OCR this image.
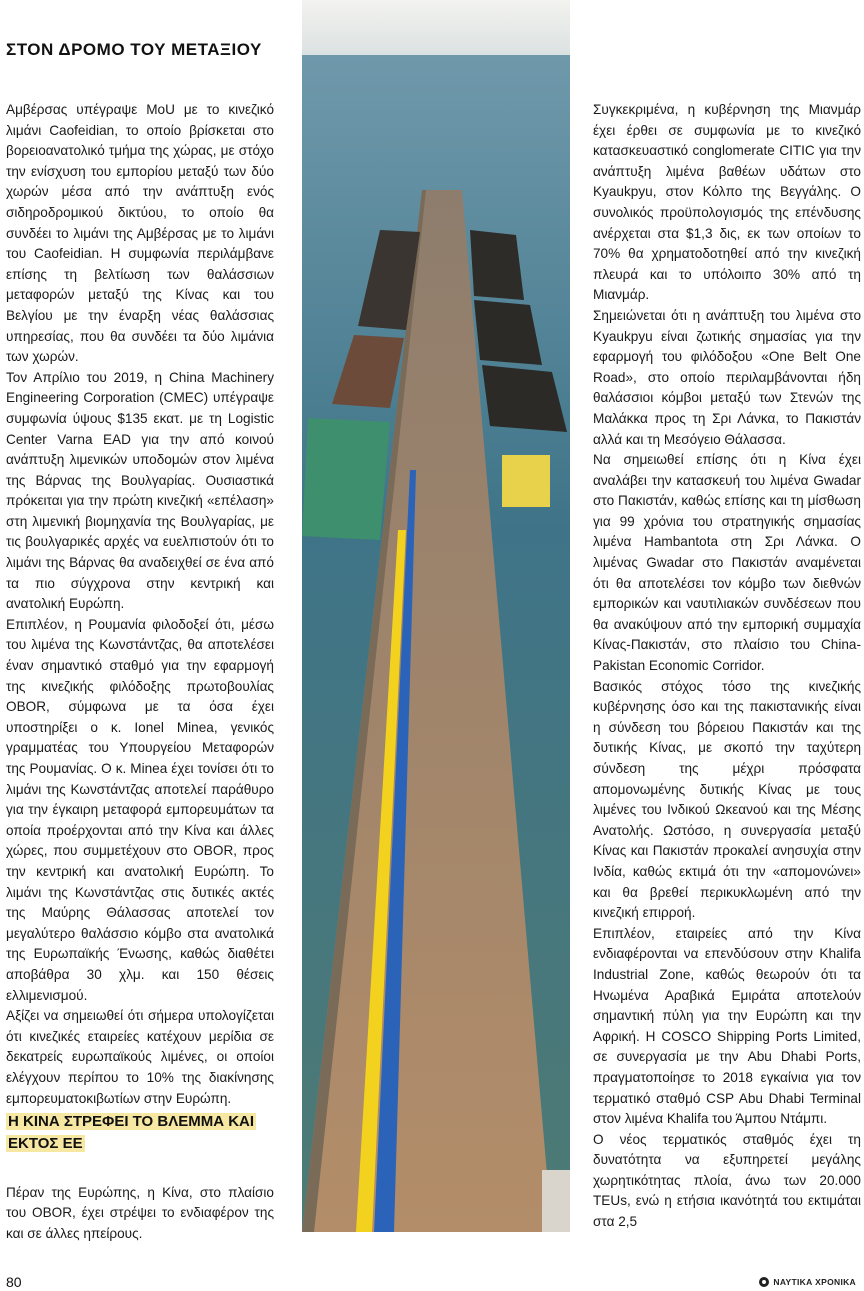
ΣΤΟΝ ΔΡΟΜΟ ΤΟΥ ΜΕΤΑΞΙΟΥ

Αμβέρσας υπέγραψε MoU με το κινεζικό λιμάνι Caofeidian, το οποίο βρίσκεται στο βορειοανατολικό τμήμα της χώρας, με στόχο την ενίσχυση του εμπορίου μεταξύ των δύο χωρών μέσα από την ανάπτυξη ενός σιδηροδρομικού δικτύου, το οποίο θα συνδέει το λιμάνι της Αμβέρσας με το λιμάνι του Caofeidian. Η συμφωνία περιλάμβανε επίσης τη βελτίωση των θαλάσσιων μεταφορών μεταξύ της Κίνας και του Βελγίου με την έναρξη νέας θαλάσσιας υπηρεσίας, που θα συνδέει τα δύο λιμάνια των χωρών.

Τον Απρίλιο του 2019, η China Machinery Engineering Corporation (CMEC) υπέγραψε συμφωνία ύψους $135 εκατ. με τη Logistic Center Varna EAD για την από κοινού ανάπτυξη λιμενικών υποδομών στον λιμένα της Βάρνας της Βουλγαρίας. Ουσιαστικά πρόκειται για την πρώτη κινεζική «επέλαση» στη λιμενική βιομηχανία της Βουλγαρίας, με τις βουλγαρικές αρχές να ευελπιστούν ότι το λιμάνι της Βάρνας θα αναδειχθεί σε ένα από τα πιο σύγχρονα στην κεντρική και ανατολική Ευρώπη.

Επιπλέον, η Ρουμανία φιλοδοξεί ότι, μέσω του λιμένα της Κωνστάντζας, θα αποτελέσει έναν σημαντικό σταθμό για την εφαρμογή της κινεζικής φιλόδοξης πρωτοβουλίας OBOR, σύμφωνα με τα όσα έχει υποστηρίξει ο κ. Ionel Minea, γενικός γραμματέας του Υπουργείου Μεταφορών της Ρουμανίας. Ο κ. Minea έχει τονίσει ότι το λιμάνι της Κωνστάντζας αποτελεί παράθυρο για την έγκαιρη μεταφορά εμπορευμάτων τα οποία προέρχονται από την Κίνα και άλλες χώρες, που συμμετέχουν στο OBOR, προς την κεντρική και ανατολική Ευρώπη. Το λιμάνι της Κωνστάντζας στις δυτικές ακτές της Μαύρης Θάλασσας αποτελεί τον μεγαλύτερο θαλάσσιο κόμβο στα ανατολικά της Ευρωπαϊκής Ένωσης, καθώς διαθέτει αποβάθρα 30 χλμ. και 150 θέσεις ελλιμενισμού.

Αξίζει να σημειωθεί ότι σήμερα υπολογίζεται ότι κινεζικές εταιρείες κατέχουν μερίδια σε δεκατρείς ευρωπαϊκούς λιμένες, οι οποίοι ελέγχουν περίπου το 10% της διακίνησης εμπορευματοκιβωτίων στην Ευρώπη.

Η ΚΙΝΑ ΣΤΡΕΦΕΙ ΤΟ ΒΛΕΜΜΑ ΚΑΙ ΕΚΤΟΣ ΕΕ

Πέραν της Ευρώπης, η Κίνα, στο πλαίσιο του OBOR, έχει στρέψει το ενδιαφέρον της και σε άλλες ηπείρους.

Συγκεκριμένα, η κυβέρνηση της Μιανμάρ έχει έρθει σε συμφωνία με το κινεζικό κατασκευαστικό conglomerate CITIC για την ανάπτυξη λιμένα βαθέων υδάτων στο Kyaukpyu, στον Κόλπο της Βεγγάλης. Ο συνολικός προϋπολογισμός της επένδυσης ανέρχεται στα $1,3 δις, εκ των οποίων το 70% θα χρηματοδοτηθεί από την κινεζική πλευρά και το υπόλοιπο 30% από τη Μιανμάρ.

Σημειώνεται ότι η ανάπτυξη του λιμένα στο Kyaukpyu είναι ζωτικής σημασίας για την εφαρμογή του φιλόδοξου «One Belt One Road», στο οποίο περιλαμβάνονται ήδη θαλάσσιοι κόμβοι μεταξύ των Στενών της Μαλάκκα προς τη Σρι Λάνκα, το Πακιστάν αλλά και τη Μεσόγειο Θάλασσα.

Να σημειωθεί επίσης ότι η Κίνα έχει αναλάβει την κατασκευή του λιμένα Gwadar στο Πακιστάν, καθώς επίσης και τη μίσθωση για 99 χρόνια του στρατηγικής σημασίας λιμένα Hambantota στη Σρι Λάνκα. Ο λιμένας Gwadar στο Πακιστάν αναμένεται ότι θα αποτελέσει τον κόμβο των διεθνών εμπορικών και ναυτιλιακών συνδέσεων που θα ανακύψουν από την εμπορική συμμαχία Κίνας-Πακιστάν, στο πλαίσιο του China-Pakistan Economic Corridor.

Βασικός στόχος τόσο της κινεζικής κυβέρνησης όσο και της πακιστανικής είναι η σύνδεση του βόρειου Πακιστάν και της δυτικής Κίνας, με σκοπό την ταχύτερη σύνδεση της μέχρι πρόσφατα απομονωμένης δυτικής Κίνας με τους λιμένες του Ινδικού Ωκεανού και της Μέσης Ανατολής. Ωστόσο, η συνεργασία μεταξύ Κίνας και Πακιστάν προκαλεί ανησυχία στην Ινδία, καθώς εκτιμά ότι την «απομονώνει» και θα βρεθεί περικυκλωμένη από την κινεζική επιρροή.

Επιπλέον, εταιρείες από την Κίνα ενδιαφέρονται να επενδύσουν στην Khalifa Industrial Zone, καθώς θεωρούν ότι τα Ηνωμένα Αραβικά Εμιράτα αποτελούν σημαντική πύλη για την Ευρώπη και την Αφρική. Η COSCO Shipping Ports Limited, σε συνεργασία με την Abu Dhabi Ports, πραγματοποίησε το 2018 εγκαίνια για τον τερματικό σταθμό CSP Abu Dhabi Terminal στον λιμένα Khalifa του Άμπου Ντάμπι.

Ο νέος τερματικός σταθμός έχει τη δυνατότητα να εξυπηρετεί μεγάλης χωρητικότητας πλοία, άνω των 20.000 TEUs, ενώ η ετήσια ικανότητά του εκτιμάται στα 2,5

80	ΝΑΥΤΙΚΑ ΧΡΟΝΙΚΑ
